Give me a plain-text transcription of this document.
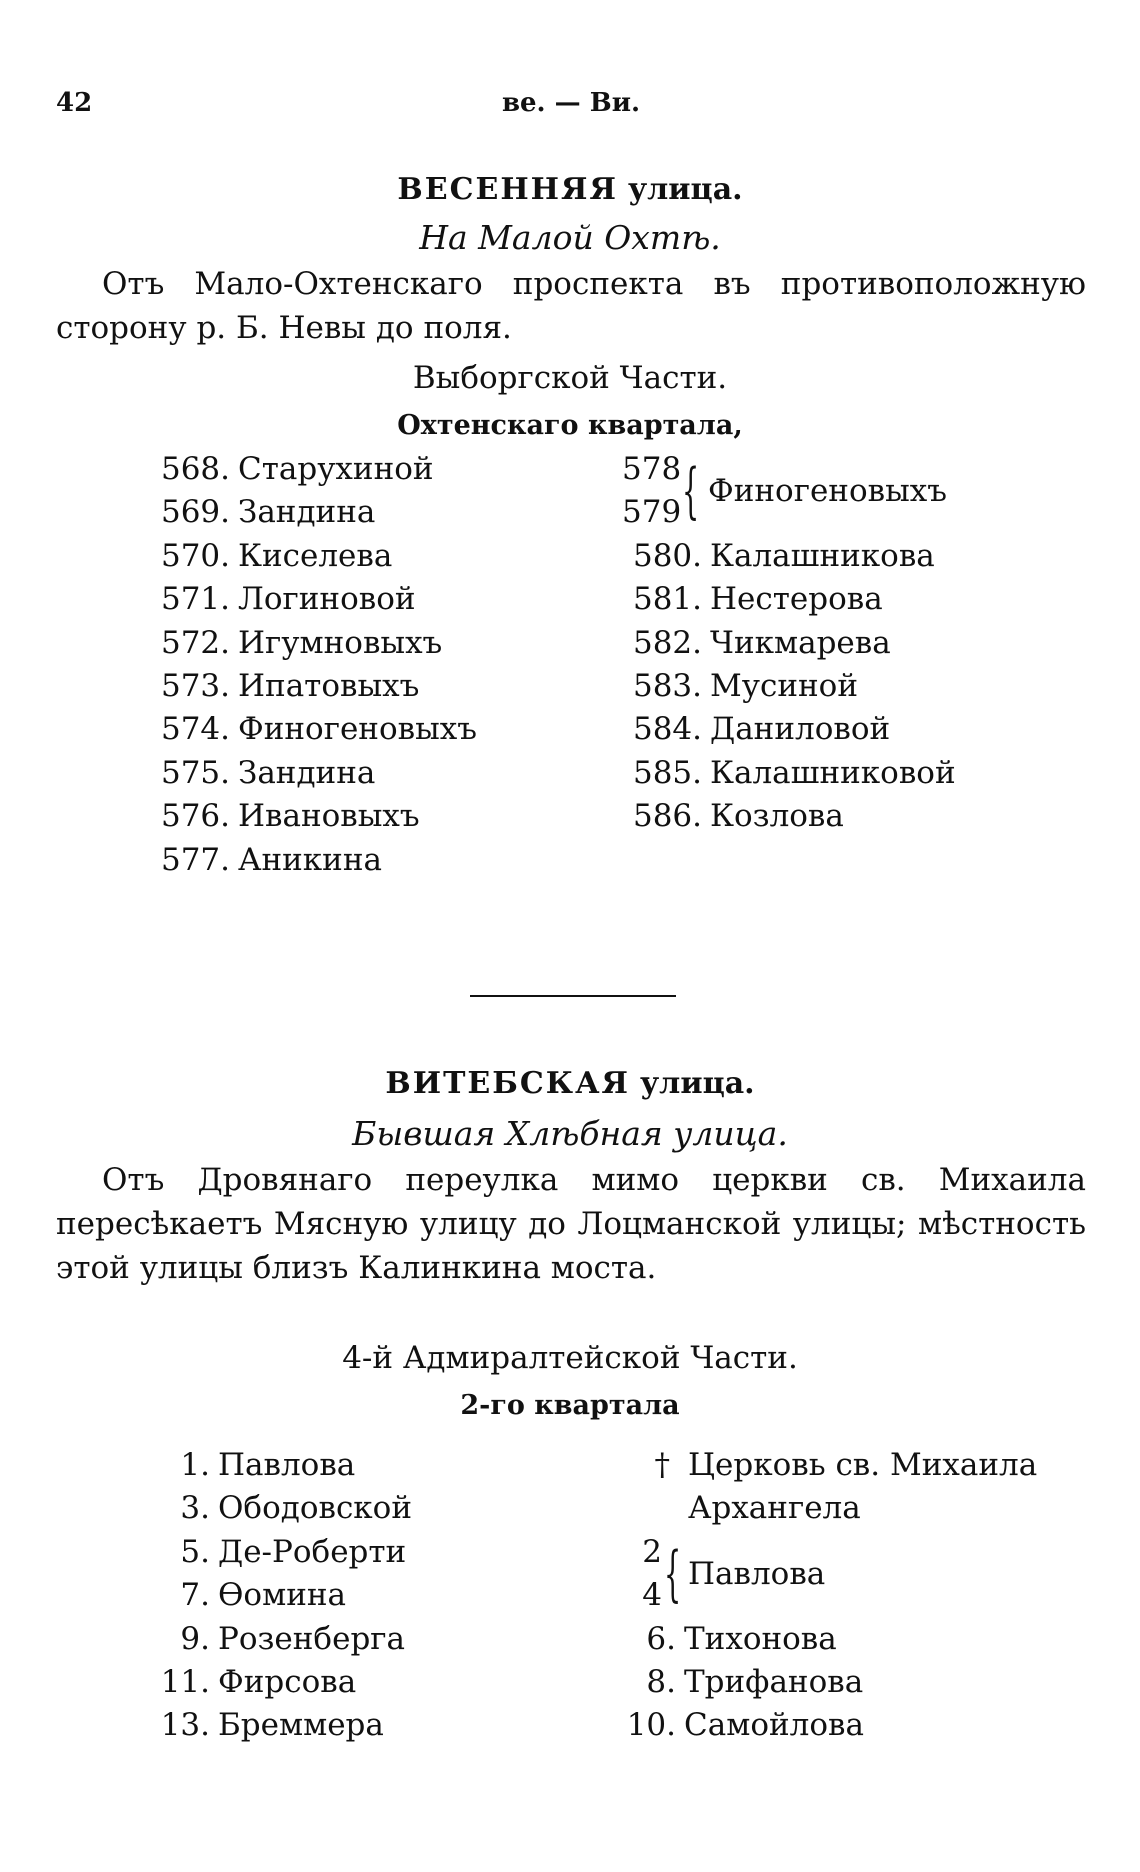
42	ве. — Ви.
ВЕСЕННЯЯ улица.
На Малой Охтѣ.
Отъ Мало-Охтенскаго проспекта въ противоположную сторону р. Б. Невы до поля.
Выборгской Части.
Охтенскаго квартала,
568. Старухиной
569. Зандина
570. Киселева
571. Логиновой
572. Игумновыхъ
573. Ипатовыхъ
574. Финогеновыхъ
575. Зандина
576. Ивановыхъ
577. Аникина
578
579 { Финогеновыхъ
580. Калашникова
581. Нестерова
582. Чикмарева
583. Мусиной
584. Даниловой
585. Калашниковой
586. Козлова
ВИТЕБСКАЯ улица.
Бывшая Хлѣбная улица.
Отъ Дровянаго переулка мимо церкви св. Михаила пересѣкаетъ Мясную улицу до Лоцманской улицы; мѣстность этой улицы близъ Калинкина моста.
4-й Адмиралтейской Части.
2-го квартала
1. Павлова
3. Ободовской
5. Де-Роберти
7. Ѳомина
9. Розенберга
11. Фирсова
13. Бреммера
† Церковь св. Михаила Архангела
2
4 { Павлова
6. Тихонова
8. Трифанова
10. Самойлова
